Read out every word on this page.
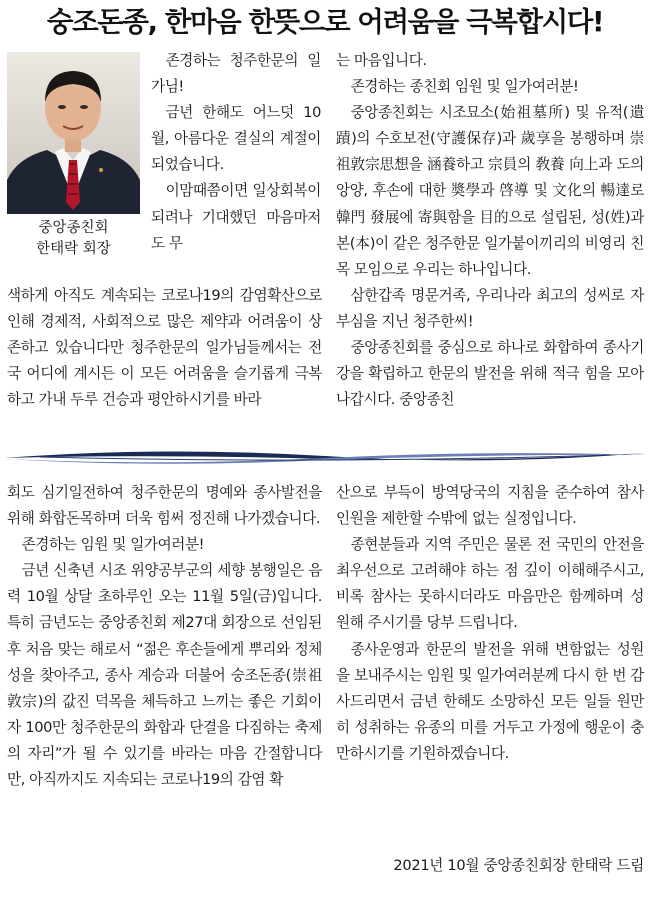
숭조돈종, 한마음 한뜻으로 어려움을 극복합시다!
중앙종친회
한태락 회장

존경하는 청주한문의 일가님!

금년 한해도 어느덧 10월, 아름다운 결실의 계절이 되었습니다.

이맘때쯤이면 일상회복이 되려나 기대했던 마음마저도 무

색하게 아직도 계속되는 코로나19의 감염확산으로 인해 경제적, 사회적으로 많은 제약과 어려움이 상존하고 있습니다만 청주한문의 일가님들께서는 전국 어디에 계시든 이 모든 어려움을 슬기롭게 극복하고 가내 두루 건승과 평안하시기를 바라

는 마음입니다.

존경하는 종친회 임원 및 일가여러분!

중앙종친회는 시조묘소(始祖墓所) 및 유적(遺蹟)의 수호보전(守護保存)과 歲享을 봉행하며 崇祖敦宗思想을 涵養하고 宗員의 敎養 向上과 도의앙양, 후손에 대한 奬學과 啓導 및 文化의 暢達로 韓門 發展에 寄與함을 目的으로 설립된, 성(姓)과 본(本)이 같은 청주한문 일가붙이끼리의 비영리 친목 모임으로 우리는 하나입니다.

삼한갑족 명문거족, 우리나라 최고의 성씨로 자부심을 지닌 청주한씨!

중앙종친회를 중심으로 하나로 화합하여 종사기강을 확립하고 한문의 발전을 위해 적극 힘을 모아 나갑시다. 중앙종친

회도 심기일전하여 청주한문의 명예와 종사발전을 위해 화합돈목하며 더욱 힘써 정진해 나가겠습니다.

존경하는 임원 및 일가여러분!

금년 신축년 시조 위양공부군의 세향 봉행일은 음력 10월 상달 초하루인 오는 11월 5일(금)입니다. 특히 금년도는 중앙종친회 제27대 회장으로 선임된 후 처음 맞는 해로서 “젊은 후손들에게 뿌리와 정체성을 찾아주고, 종사 계승과 더불어 숭조돈종(崇祖敦宗)의 값진 덕목을 체득하고 느끼는 좋은 기회이자 100만 청주한문의 화합과 단결을 다짐하는 축제의 자리”가 될 수 있기를 바라는 마음 간절합니다만, 아직까지도 지속되는 코로나19의 감염 확

산으로 부득이 방역당국의 지침을 준수하여 참사인원을 제한할 수밖에 없는 실정입니다.

종현분들과 지역 주민은 물론 전 국민의 안전을 최우선으로 고려해야 하는 점 깊이 이해해주시고, 비록 참사는 못하시더라도 마음만은 함께하며 성원해 주시기를 당부 드립니다.

종사운영과 한문의 발전을 위해 변함없는 성원을 보내주시는 임원 및 일가여러분께 다시 한 번 감사드리면서 금년 한해도 소망하신 모든 일들 원만히 성취하는 유종의 미를 거두고 가정에 행운이 충만하시기를 기원하겠습니다.

2021년 10월 중앙종친회장 한태락 드림
